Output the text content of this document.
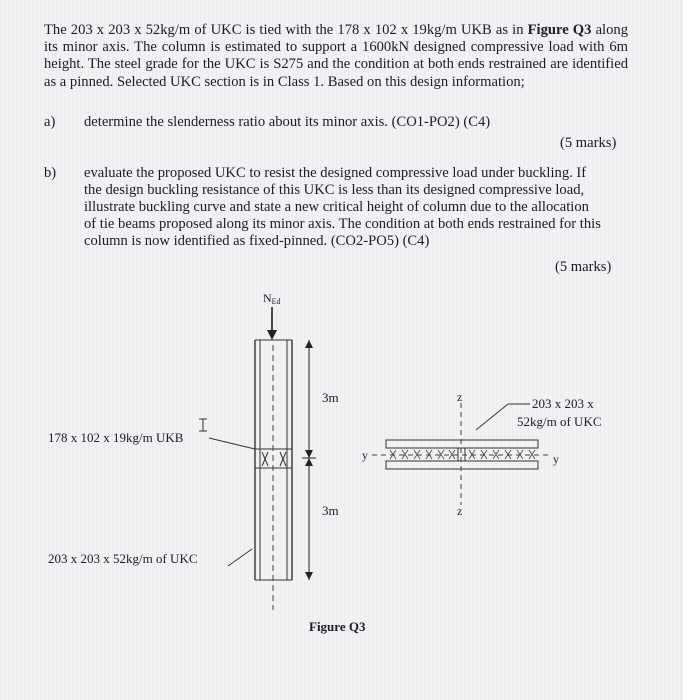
The 203 x 203 x 52kg/m of UKC is tied with the 178 x 102 x 19kg/m UKB as in Figure Q3 along its minor axis. The column is estimated to support a 1600kN designed compressive load with 6m height. The steel grade for the UKC is S275 and the condition at both ends restrained are identified as a pinned. Selected UKC section is in Class 1. Based on this design information;
a) determine the slenderness ratio about its minor axis. (CO1-PO2) (C4)
(5 marks)
b) evaluate the proposed UKC to resist the designed compressive load under buckling. If
the design buckling resistance of this UKC is less than its designed compressive load,
illustrate buckling curve and state a new critical height of column due to the allocation
of tie beams proposed along its minor axis. The condition at both ends restrained for this
column is now identified as fixed-pinned. (CO2-PO5) (C4)
(5 marks)
NEd
3m
3m
178 x 102 x 19kg/m UKB
203 x 203 x 52kg/m of UKC
z
z
y	y
203 x 203 x
52kg/m of UKC
Figure Q3
